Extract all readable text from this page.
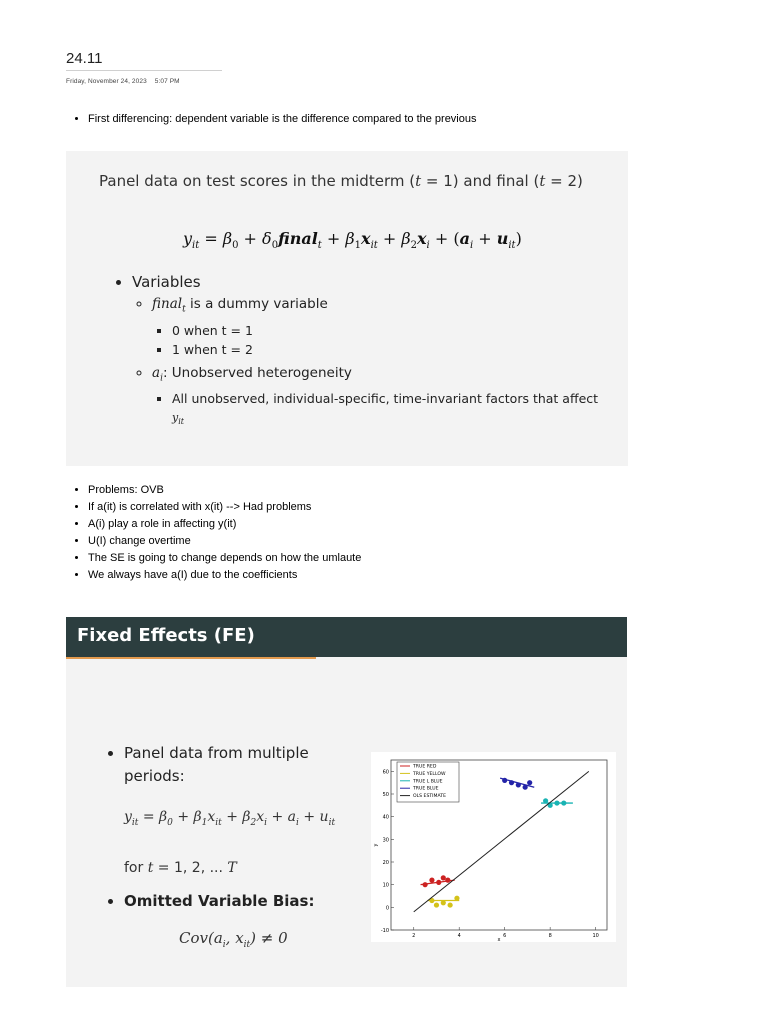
24.11
Friday, November 24, 2023 5:07 PM
• First differencing: dependent variable is the difference compared to the previous
Panel data on test scores in the midterm (t = 1) and final (t = 2)
$y_{it} = \beta_0$ + $\delta_0final_t + \beta_1x_{it} + \beta_2x_i + (a_i + u_{it})$
• Variables
◦ final$_t$ is a dummy variable
▪ 0 when t = 1
▪ 1 when t = 2
◦ $a_i$: Unobserved heterogeneity
▪ All unobserved, individual-specific, time-invariant factors that affect
$y_{it}$
• Problems: OVB
• If a(it) is correlated with x(it) --> Had problems
• A(i) play a role in affecting y(it)
• U(I) change overtime
• The SE is going to change depends on how the umlaute
• We always have a(I) due to the coefficients
Fixed Effects (FE)
• Panel data from multiple periods:
$y_{it} = \beta_0 + \beta_1x_{it} + \beta_2x_i + a_i + u_{it}$
for t = 1, 2, ... T
• Omitted Variable Bias:
$Cov(a_i$, $x_{it}) \ne 0$	2	4	6	8	10
-10
0
10
20
30
40
50
60
x
y
TRUE RED
TRUE YELLOW
TRUE L BLUE
TRUE BLUE
OLS ESTIMATE
